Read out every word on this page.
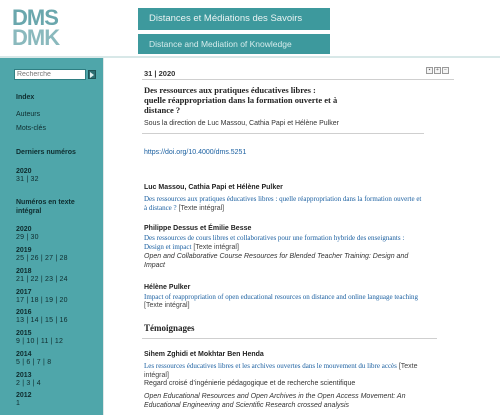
DMS
DMK
Distances et Médiations des Savoirs
Distance and Mediation of Knowledge
Recherche
Index
Auteurs
Mots-clés
Derniers numéros
2020
31 | 32
Numéros en texte
intégral
2020
29 | 30
2019
25 | 26 | 27 | 28
2018
21 | 22 | 23 | 24
2017
17 | 18 | 19 | 20
2016
13 | 14 | 15 | 16
2015
9 | 10 | 11 | 12
2014
5 | 6 | 7 | 8
2013
2 | 3 | 4
2012
1
31 | 2020	▪ + −
Des ressources aux pratiques éducatives libres :
quelle réappropriation dans la formation ouverte et à
distance ?
Sous la direction de Luc Massou, Cathia Papi et Hélène Pulker
https://doi.org/10.4000/dms.5251
Luc Massou, Cathia Papi et Hélène Pulker
Des ressources aux pratiques éducatives libres : quelle réappropriation dans la formation ouverte et
à distance ? [Texte intégral]
Philippe Dessus et Émilie Besse
Des ressources de cours libres et collaboratives pour une formation hybride des enseignants :
Design et impact [Texte intégral]
Open and Collaborative Course Resources for Blended Teacher Training: Design and
Impact
Hélène Pulker
Impact of reappropriation of open educational resources on distance and online language teaching
[Texte intégral]
Témoignages
Sihem Zghidi et Mokhtar Ben Henda
Les ressources éducatives libres et les archives ouvertes dans le mouvement du libre accès [Texte
intégral]
Regard croisé d’ingénierie pédagogique et de recherche scientifique
Open Educational Resources and Open Archives in the Open Access Movement: An
Educational Engineering and Scientific Research crossed analysis
